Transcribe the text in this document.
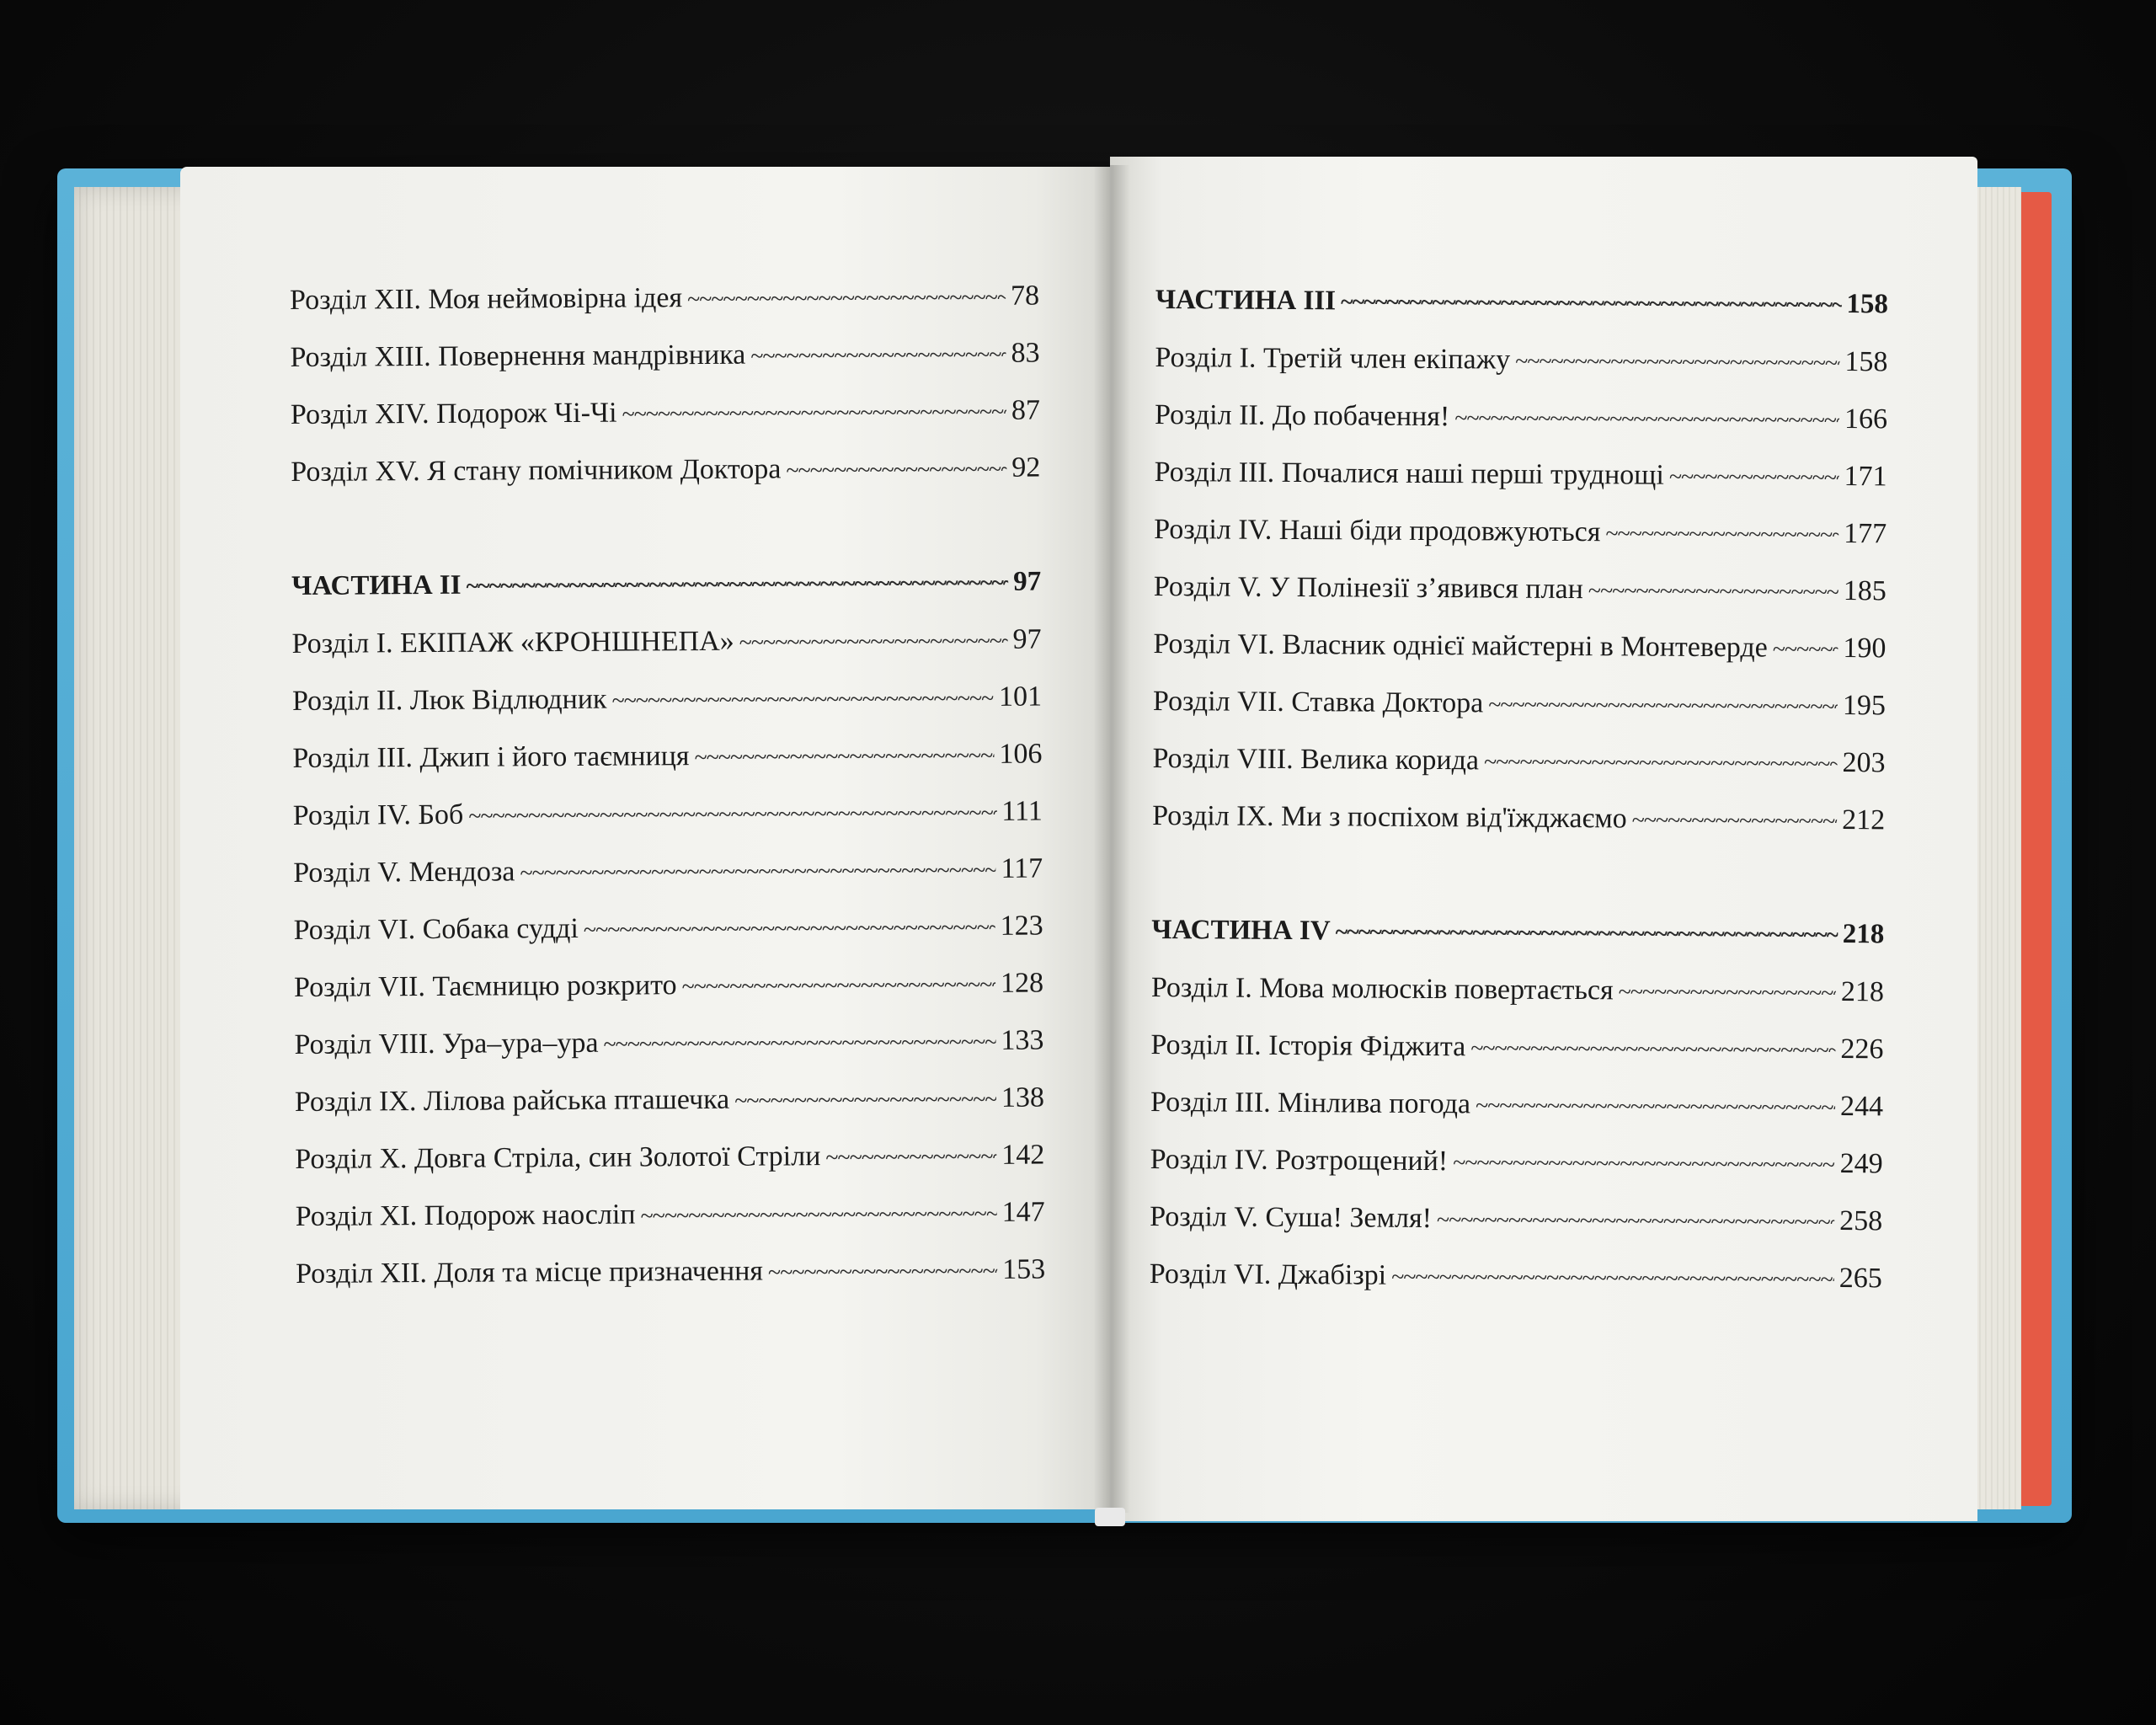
Розділ XII. Моя неймовірна ідея ~~~~~	78
Розділ XIII. Повернення мандрівника ~~~~~	83
Розділ XIV. Подорож Чі-Чі ~~~~~	87
Розділ XV. Я стану помічником Доктора ~~~~~	92
ЧАСТИНА II ~~~~~	97
Розділ I. ЕКІПАЖ «КРОНШНЕПА» ~~~~~	97
Розділ II. Люк Відлюдник ~~~~~	101
Розділ III. Джип і його таємниця ~~~~~	106
Розділ IV. Боб ~~~~~	111
Розділ V. Мендоза ~~~~~	117
Розділ VI. Собака судді ~~~~~	123
Розділ VII. Таємницю розкрито ~~~~~	128
Розділ VIII. Ура–ура–ура ~~~~~	133
Розділ IX. Лілова райська пташечка ~~~~~	138
Розділ X. Довга Стріла, син Золотої Стріли ~~~~~	142
Розділ XI. Подорож наосліп ~~~~~	147
Розділ XII. Доля та місце призначення ~~~~~	153
ЧАСТИНА III ~~~~~	158
Розділ I. Третій член екіпажу ~~~~~	158
Розділ II. До побачення! ~~~~~	166
Розділ III. Почалися наші перші труднощі ~~~~~	171
Розділ IV. Наші біди продовжуються ~~~~~	177
Розділ V. У Полінезії з’явився план ~~~~~	185
Розділ VI. Власник однієї майстерні в Монтеверде ~~~~~	190
Розділ VII. Ставка Доктора ~~~~~	195
Розділ VIII. Велика корида ~~~~~	203
Розділ IX. Ми з поспіхом від'їжджаємо ~~~~~	212
ЧАСТИНА IV ~~~~~	218
Розділ I. Мова молюсків повертається ~~~~~	218
Розділ II. Історія Фіджита ~~~~~	226
Розділ III. Мінлива погода ~~~~~	244
Розділ IV. Розтрощений! ~~~~~	249
Розділ V. Суша! Земля! ~~~~~	258
Розділ VI. Джабізрі ~~~~~	265
